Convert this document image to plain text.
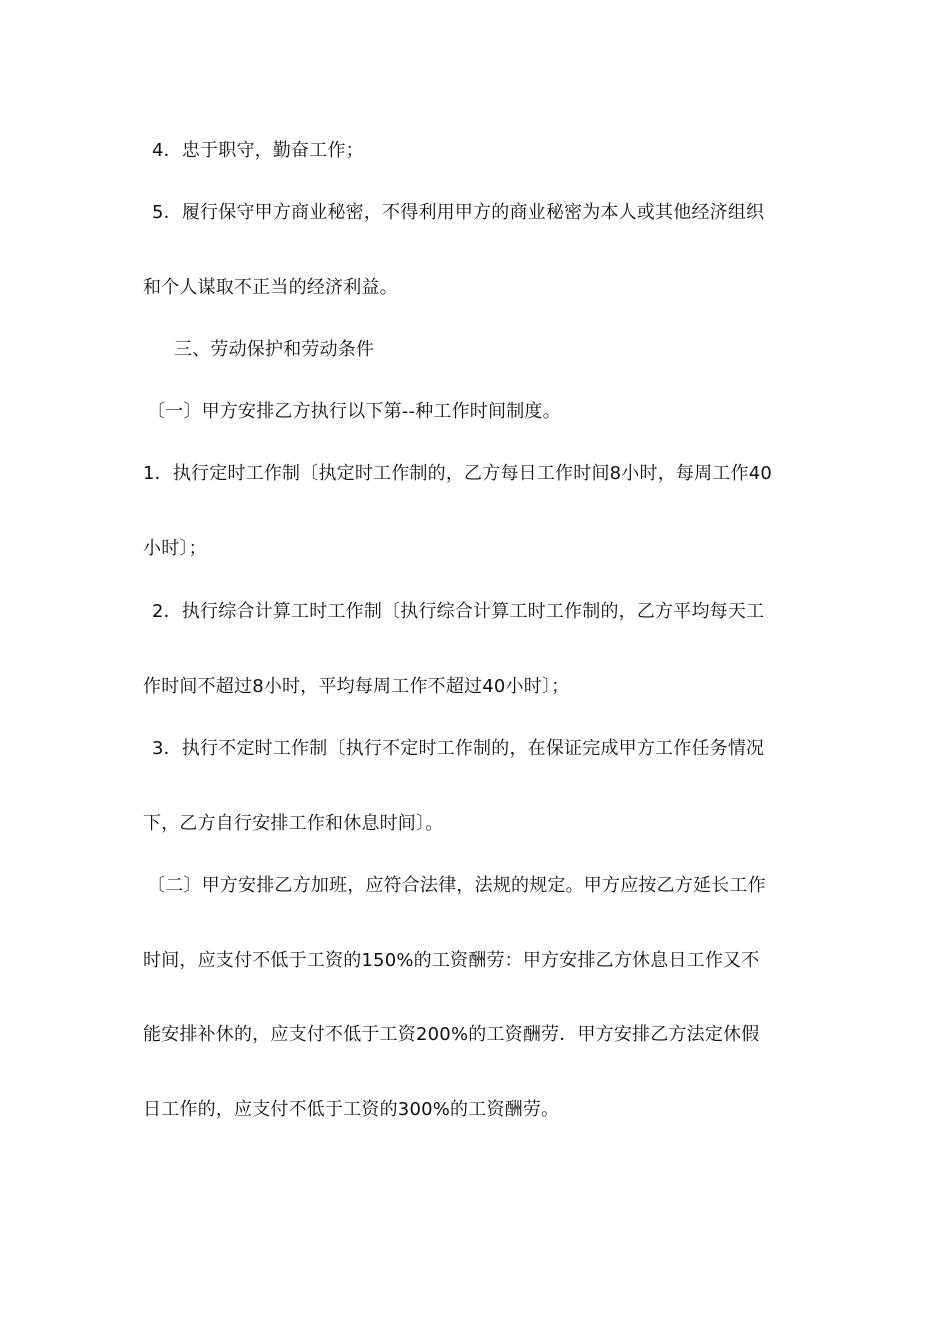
4．忠于职守，勤奋工作；
5．履行保守甲方商业秘密，不得利用甲方的商业秘密为本人或其他经济组织
和个人谋取不正当的经济利益。
三、劳动保护和劳动条件
〔一〕甲方安排乙方执行以下第--种工作时间制度。
1．执行定时工作制〔执定时工作制的，乙方每日工作时间8小时，每周工作40
小时〕；
2．执行综合计算工时工作制〔执行综合计算工时工作制的，乙方平均每天工
作时间不超过8小时，平均每周工作不超过40小时〕；
3．执行不定时工作制〔执行不定时工作制的，在保证完成甲方工作任务情况
下，乙方自行安排工作和休息时间〕。
〔二〕甲方安排乙方加班，应符合法律，法规的规定。甲方应按乙方延长工作
时间，应支付不低于工资的150%的工资酬劳：甲方安排乙方休息日工作又不
能安排补休的，应支付不低于工资200%的工资酬劳．甲方安排乙方法定休假
日工作的，应支付不低于工资的300%的工资酬劳。
